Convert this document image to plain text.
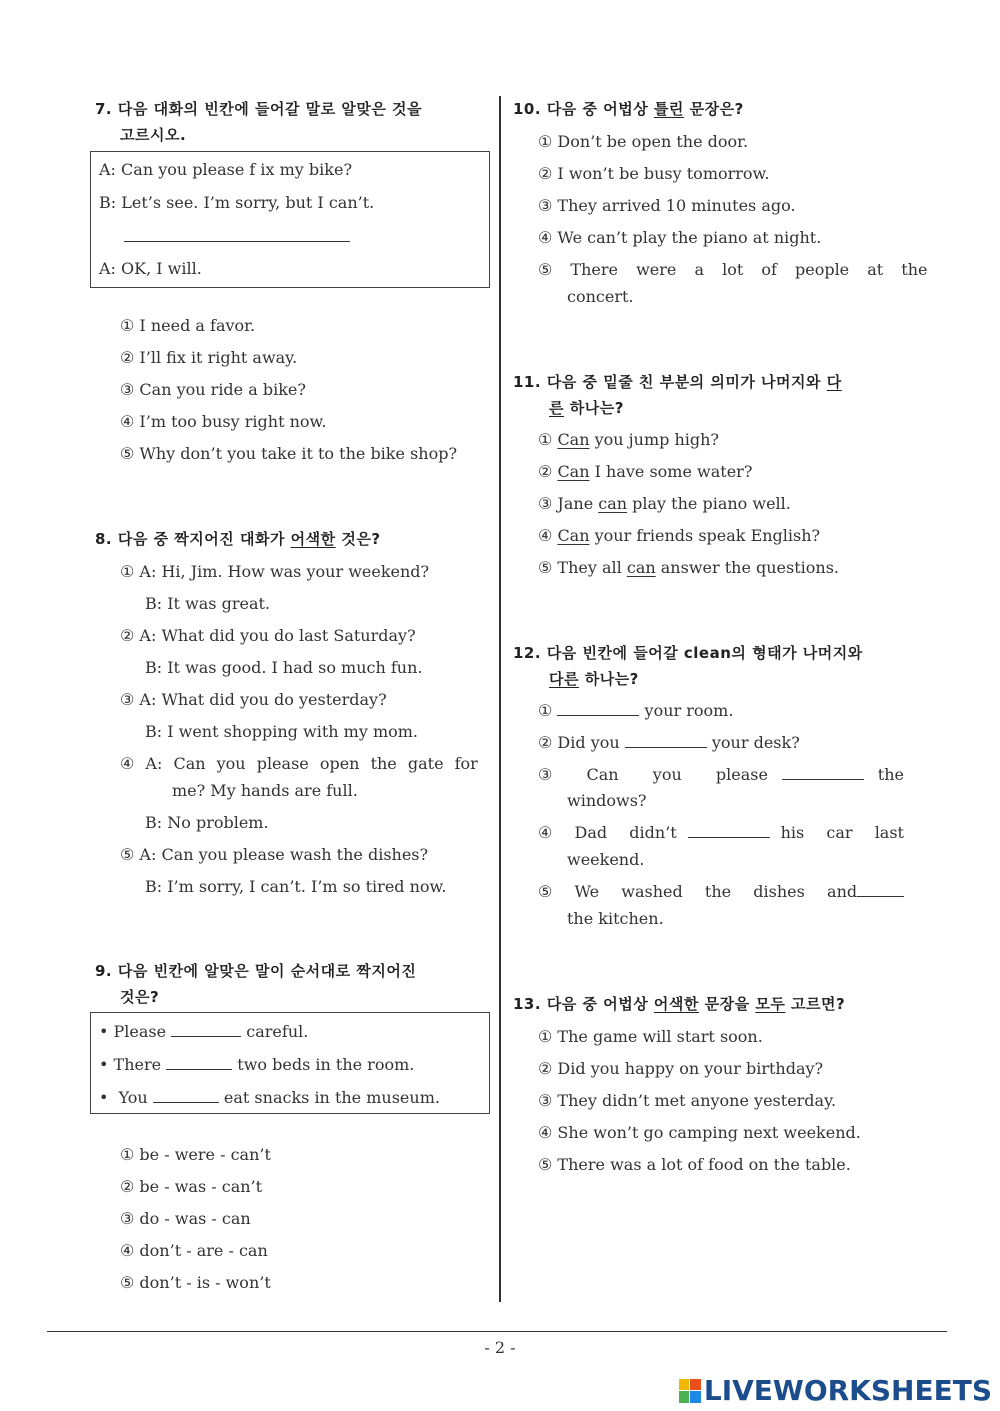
7. 다음 대화의 빈칸에 들어갈 말로 알맞은 것을
고르시오.
A: Can you please f ix my bike?
B: Let’s see. I’m sorry, but I can’t.
A: OK, I will.
① I need a favor.
② I’ll fix it right away.
③ Can you ride a bike?
④ I’m too busy right now.
⑤ Why don’t you take it to the bike shop?
8. 다음 중 짝지어진 대화가 어색한 것은?
① A: Hi, Jim. How was your weekend?
B: It was great.
② A: What did you do last Saturday?
B: It was good. I had so much fun.
③ A: What did you do yesterday?
B: I went shopping with my mom.
④ A: Can you please open the gate for
me? My hands are full.
B: No problem.
⑤ A: Can you please wash the dishes?
B: I’m sorry, I can’t. I’m so tired now.
9. 다음 빈칸에 알맞은 말이 순서대로 짝지어진
것은?
• Please	careful.
• There	two beds in the room.
•  You	eat snacks in the museum.
① be - were - can’t
② be - was - can’t
③ do - was - can
④ don’t - are - can
⑤ don’t - is - won’t
10. 다음 중 어법상 틀린 문장은?
① Don’t be open the door.
② I won’t be busy tomorrow.
③ They arrived 10 minutes ago.
④ We can’t play the piano at night.
⑤ There were a lot of people at the
concert.
11. 다음 중 밑줄 친 부분의 의미가 나머지와 다
른 하나는?
① Can you jump high?
② Can I have some water?
③ Jane can play the piano well.
④ Can your friends speak English?
⑤ They all can answer the questions.
12. 다음 빈칸에 들어갈 clean의 형태가 나머지와
다른 하나는?
①	your room.
② Did you	your desk?
③  Can  you  please	the
windows?
④  Dad  didn’t	his  car  last
weekend.
⑤  We  washed  the  dishes  and
the kitchen.
13. 다음 중 어법상 어색한 문장을 모두 고르면?
① The game will start soon.
② Did you happy on your birthday?
③ They didn’t met anyone yesterday.
④ She won’t go camping next weekend.
⑤ There was a lot of food on the table.
- 2 -
LIVEWORKSHEETS
